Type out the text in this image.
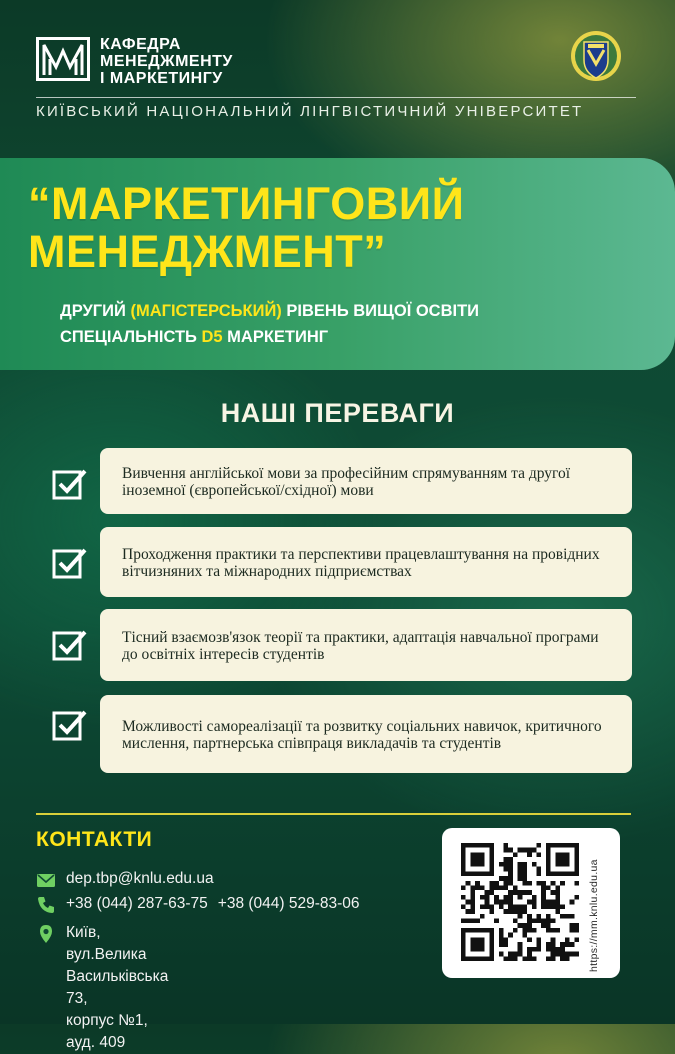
КАФЕДРА
МЕНЕДЖМЕНТУ
І МАРКЕТИНГУ
КИЇВСЬКИЙ НАЦІОНАЛЬНИЙ ЛІНГВІСТИЧНИЙ УНІВЕРСИТЕТ
“МАРКЕТИНГОВИЙ
МЕНЕДЖМЕНТ”
ДРУГИЙ (МАГІСТЕРСЬКИЙ) РІВЕНЬ ВИЩОЇ ОСВІТИ
СПЕЦІАЛЬНІСТЬ D5 МАРКЕТИНГ
НАШІ ПЕРЕВАГИ
Вивчення англійської мови за професійним спрямуванням та другої іноземної (європейської/східної) мови
Проходження практики та перспективи працевлаштування на провідних вітчизняних та міжнародних підприємствах
Тісний взаємозв'язок теорії та практики, адаптація навчальної програми до освітніх інтересів студентів
Можливості самореалізації та розвитку соціальних навичок, критичного мислення, партнерська співпраця викладачів та студентів
КОНТАКТИ
dep.tbp@knlu.edu.ua
+38 (044) 287-63-75 +38 (044) 529-83-06
Київ, вул.Велика Васильківська 73,
корпус №1, ауд. 409
https://mm.knlu.edu.ua
